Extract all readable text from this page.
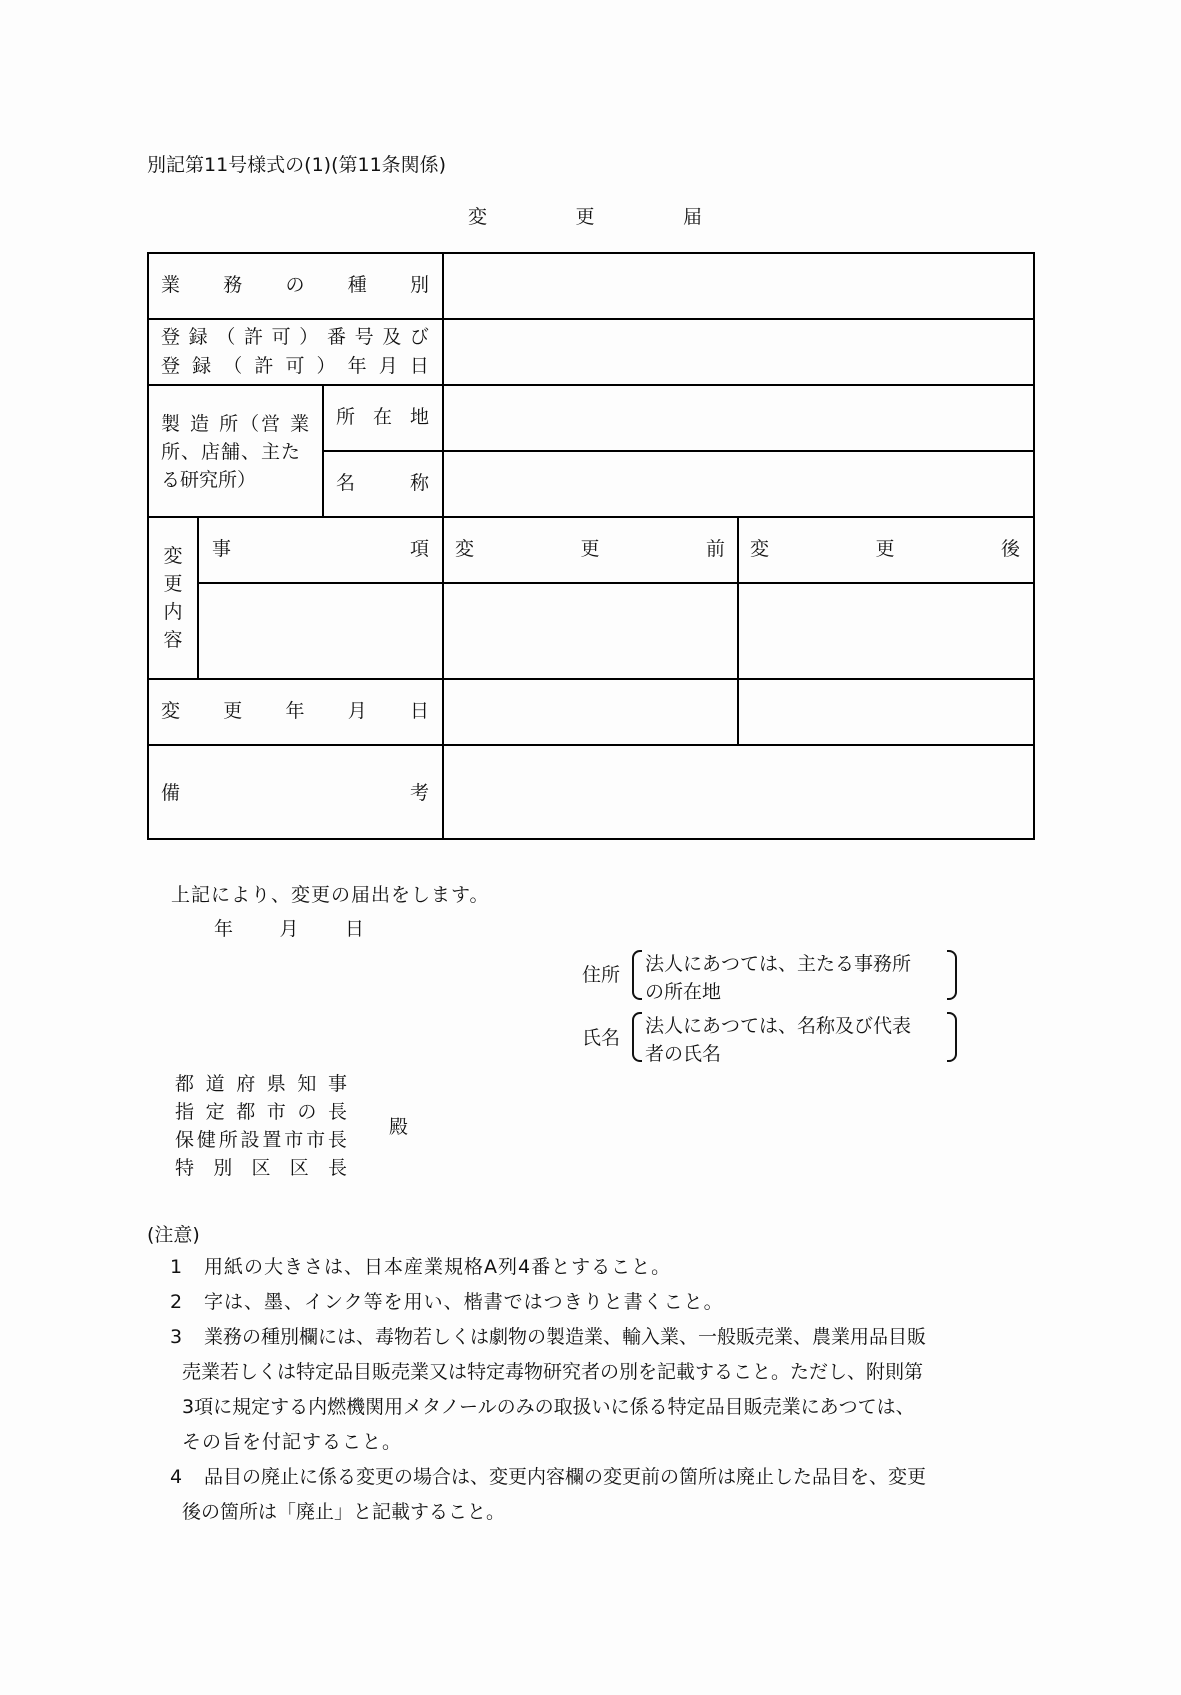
別記第11号様式の(1)(第11条関係)
変	更	届
業 務 の 種 別
登 録 （ 許 可 ） 番 号 及 び
登 録 （ 許 可 ） 年 月 日
製 造 所（営 業
所、店舗、主た
る研究所）
所 在 地
名	称
変
更
内
容
事	項 変	更	前 変	更	後
変 更 年 月 日
備	考
上記により、変更の届出をします。
年 月 日
住所 法人にあつては、主たる事務所
の所在地
氏名
法人にあつては、名称及び代表
者の氏名
都 道 府 県 知 事
指 定 都 市 の 長
保 健 所 設 置 市 市 長
特 別 区 区 長
殿
(注意)
1 用紙の大きさは、日本産業規格A列4番とすること。
2 字は、墨、インク等を用い、楷書ではつきりと書くこと。
3 業務の種別欄には、毒物若しくは劇物の製造業、輸入業、一般販売業、農業用品目販
売業若しくは特定品目販売業又は特定毒物研究者の別を記載すること。ただし、附則第
3項に規定する内燃機関用メタノールのみの取扱いに係る特定品目販売業にあつては、
その旨を付記すること。
4 品目の廃止に係る変更の場合は、変更内容欄の変更前の箇所は廃止した品目を、変更
後の箇所は「廃止」と記載すること。
